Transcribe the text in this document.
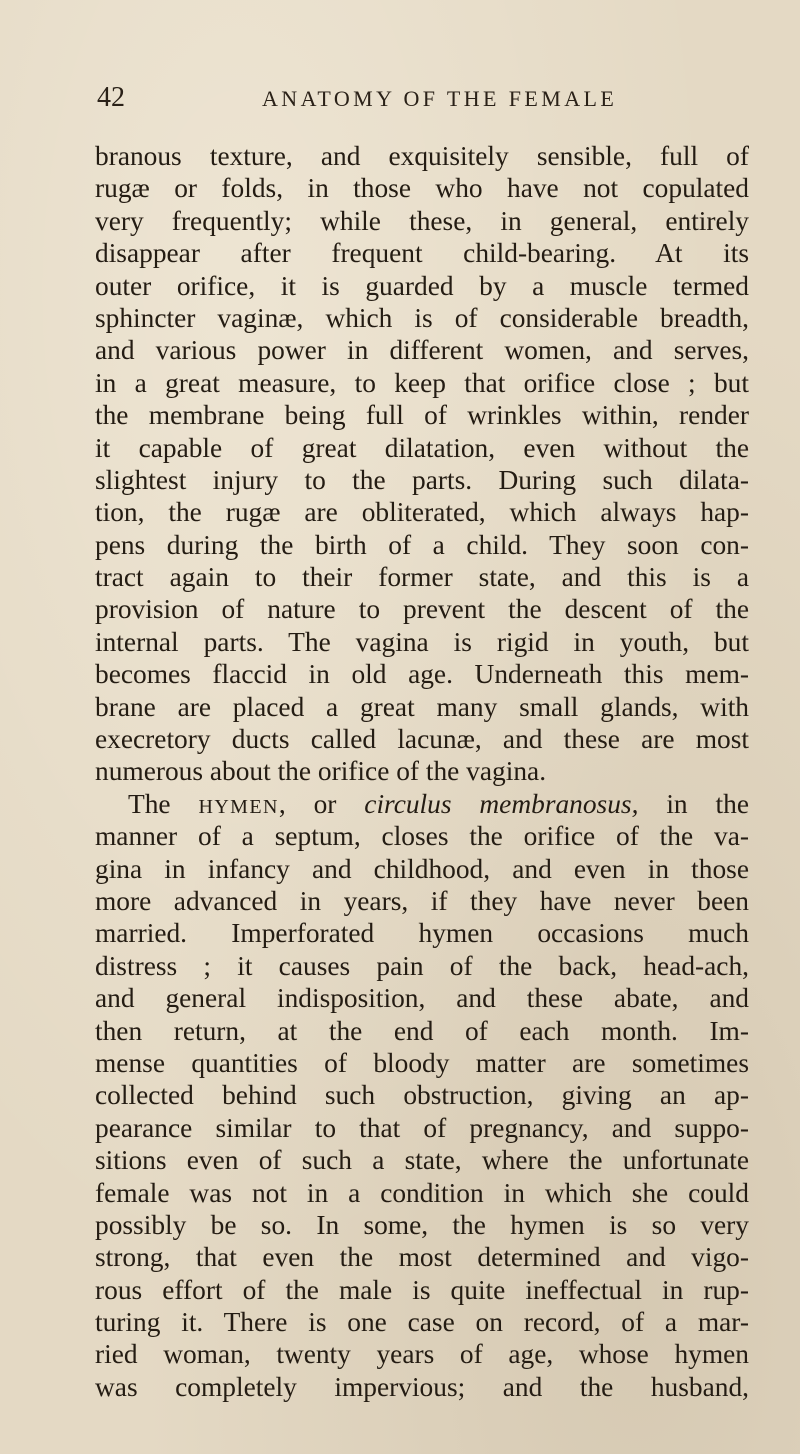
42	ANATOMY OF THE FEMALE
branous texture, and exquisitely sensible, full of
rugæ or folds, in those who have not copulated
very frequently; while these, in general, entirely
disappear after frequent child-bearing. At its
outer orifice, it is guarded by a muscle termed
sphincter vaginæ, which is of considerable breadth,
and various power in different women, and serves,
in a great measure, to keep that orifice close ; but
the membrane being full of wrinkles within, render
it capable of great dilatation, even without the
slightest injury to the parts. During such dilata-
tion, the rugæ are obliterated, which always hap-
pens during the birth of a child. They soon con-
tract again to their former state, and this is a
provision of nature to prevent the descent of the
internal parts. The vagina is rigid in youth, but
becomes flaccid in old age. Underneath this mem-
brane are placed a great many small glands, with
execretory ducts called lacunæ, and these are most
numerous about the orifice of the vagina.
The HYMEN, or circulus membranosus, in the
manner of a septum, closes the orifice of the va-
gina in infancy and childhood, and even in those
more advanced in years, if they have never been
married. Imperforated hymen occasions much
distress ; it causes pain of the back, head-ach,
and general indisposition, and these abate, and
then return, at the end of each month. Im-
mense quantities of bloody matter are sometimes
collected behind such obstruction, giving an ap-
pearance similar to that of pregnancy, and suppo-
sitions even of such a state, where the unfortunate
female was not in a condition in which she could
possibly be so. In some, the hymen is so very
strong, that even the most determined and vigo-
rous effort of the male is quite ineffectual in rup-
turing it. There is one case on record, of a mar-
ried woman, twenty years of age, whose hymen
was completely impervious; and the husband,
